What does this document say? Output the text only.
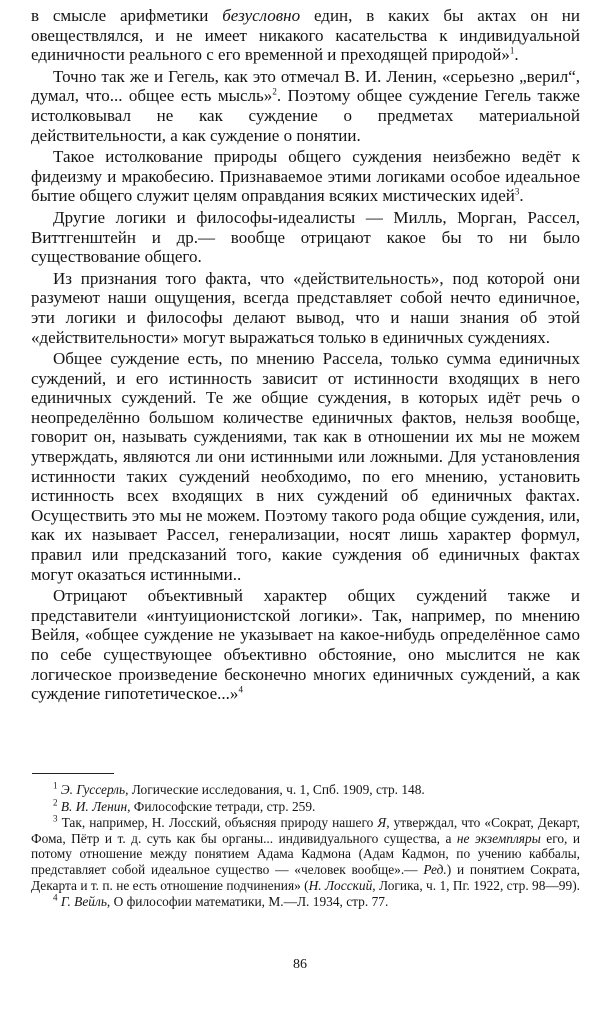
в смысле арифметики безусловно един, в каких бы актах он ни овеществлялся, и не имеет никакого касательства к индивидуальной единичности реального с его временной и преходящей природой»$^1$.

Точно так же и Гегель, как это отмечал В. И. Ленин, «серьезно „верил“, думал, что... общее есть мысль»$^2$. Поэтому общее суждение Гегель также истолковывал не как суждение о предметах материальной действительности, а как суждение о понятии.

Такое истолкование природы общего суждения неизбежно ведёт к фидеизму и мракобесию. Признаваемое этими логиками особое идеальное бытие общего служит целям оправдания всяких мистических идей$^3$.

Другие логики и философы-идеалисты — Милль, Морган, Рассел, Виттгенштейн и др.— вообще отрицают какое бы то ни было существование общего.

Из признания того факта, что «действительность», под которой они разумеют наши ощущения, всегда представляет собой нечто единичное, эти логики и философы делают вывод, что и наши знания об этой «действительности» могут выражаться только в единичных суждениях.

Общее суждение есть, по мнению Рассела, только сумма единичных суждений, и его истинность зависит от истинности входящих в него единичных суждений. Те же общие суждения, в которых идёт речь о неопределённо большом количестве единичных фактов, нельзя вообще, говорит он, называть суждениями, так как в отношении их мы не можем утверждать, являются ли они истинными или ложными. Для установления истинности таких суждений необходимо, по его мнению, установить истинность всех входящих в них суждений об единичных фактах. Осуществить это мы не можем. Поэтому такого рода общие суждения, или, как их называет Рассел, генерализации, носят лишь характер формул, правил или предсказаний того, какие суждения об единичных фактах могут оказаться истинными..

Отрицают объективный характер общих суждений также и представители «интуиционистской логики». Так, например, по мнению Вейля, «общее суждение не указывает на какое-нибудь определённое само по себе существующее объективно обстояние, оно мыслится не как логическое произведение бесконечно многих единичных суждений, а как суждение гипотетическое...»$^4$

$^1$ Э. Гуссерль, Логические исследования, ч. 1, Спб. 1909, стр. 148.

$^2$ В. И. Ленин, Философские тетради, стр. 259.

$^3$ Так, например, Н. Лосский, объясняя природу нашего Я, утверждал, что «Сократ, Декарт, Фома, Пётр и т. д. суть как бы органы... индивидуального существа, а не экземпляры его, и потому отношение между понятием Адама Кадмона (Адам Кадмон, по учению каббалы, представляет собой идеальное существо — «человек вообще».— Ред.) и понятием Сократа, Декарта и т. п. не есть отношение подчинения» (Н. Лосский, Логика, ч. 1, Пг. 1922, стр. 98—99).

$^4$ Г. Вейль, О философии математики, М.—Л. 1934, стр. 77.

86
